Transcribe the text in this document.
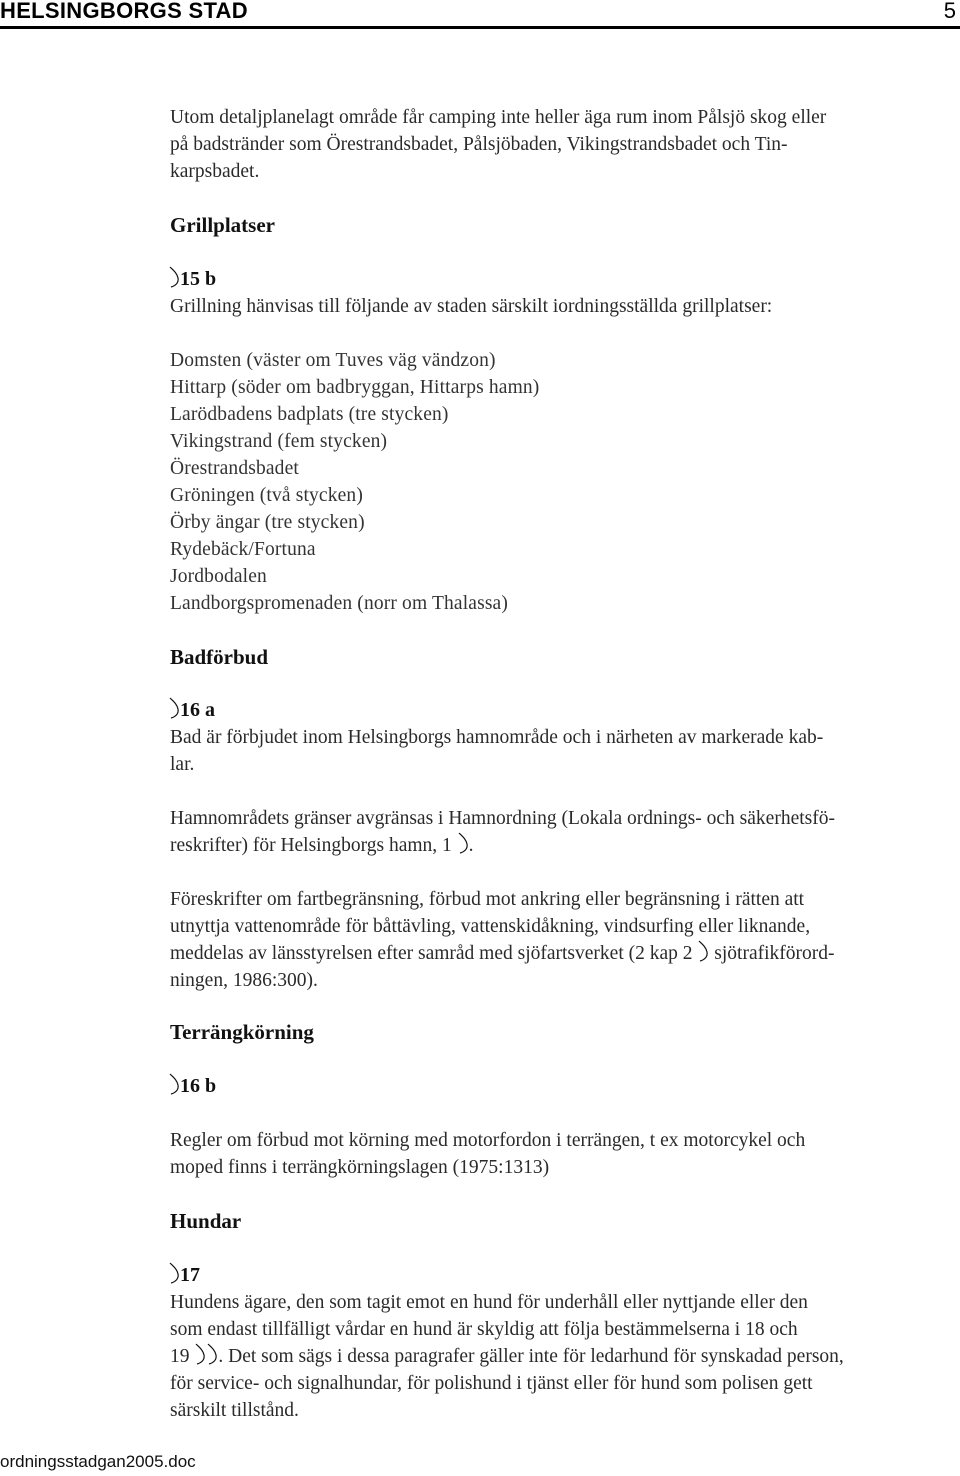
HELSINGBORGS STAD	5
Utom detaljplanelagt område får camping inte heller äga rum inom Pålsjö skog eller
på badstränder som Örestrandsbadet, Pålsjöbaden, Vikingstrandsbadet och Tin-
karpsbadet.
Grillplatser
15 b
Grillning hänvisas till följande av staden särskilt iordningsställda grillplatser:
Domsten (väster om Tuves väg vändzon)
Hittarp (söder om badbryggan, Hittarps hamn)
Larödbadens badplats (tre stycken)
Vikingstrand (fem stycken)
Örestrandsbadet
Gröningen (två stycken)
Örby ängar (tre stycken)
Rydebäck/Fortuna
Jordbodalen
Landborgspromenaden (norr om Thalassa)
Badförbud
16 a
Bad är förbjudet inom Helsingborgs hamnområde och i närheten av markerade kab-
lar.
Hamnområdets gränser avgränsas i Hamnordning (Lokala ordnings- och säkerhetsfö-
reskrifter) för Helsingborgs hamn, 1 .
Föreskrifter om fartbegränsning, förbud mot ankring eller begränsning i rätten att
utnyttja vattenområde för båttävling, vattenskidåkning, vindsurfing eller liknande,
meddelas av länsstyrelsen efter samråd med sjöfartsverket (2 kap 2  sjötrafikförord-
ningen, 1986:300).
Terrängkörning
16 b
Regler om förbud mot körning med motorfordon i terrängen, t ex motorcykel och
moped finns i terrängkörningslagen (1975:1313)
Hundar
17
Hundens ägare, den som tagit emot en hund för underhåll eller nyttjande eller den
som endast tillfälligt vårdar en hund är skyldig att följa bestämmelserna i 18 och
19 . Det som sägs i dessa paragrafer gäller inte för ledarhund för synskadad person,
för service- och signalhundar, för polishund i tjänst eller för hund som polisen gett
särskilt tillstånd.
ordningsstadgan2005.doc
